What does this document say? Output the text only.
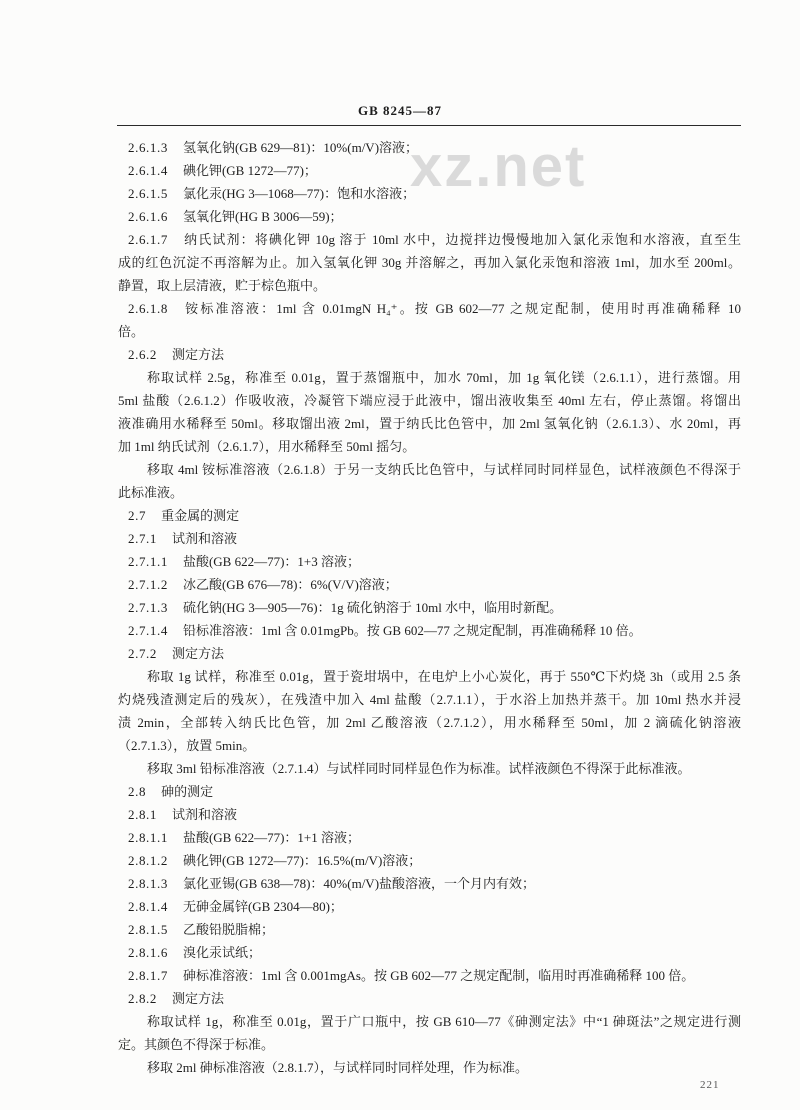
xz.net
GB 8245—87
2.6.1.3 氢氧化钠(GB 629—81)：10%(m/V)溶液；
2.6.1.4 碘化钾(GB 1272—77)；
2.6.1.5 氯化汞(HG 3—1068—77)：饱和水溶液；
2.6.1.6 氢氧化钾(HG B 3006—59)；
2.6.1.7 纳氏试剂：将碘化钾 10g 溶于 10ml 水中，边搅拌边慢慢地加入氯化汞饱和水溶液，直至生
成的红色沉淀不再溶解为止。加入氢氧化钾 30g 并溶解之，再加入氯化汞饱和溶液 1ml，加水至 200ml。
静置，取上层清液，贮于棕色瓶中。
2.6.1.8 铵标准溶液：1ml 含 0.01mgN H₄⁺。按 GB 602—77 之规定配制，使用时再准确稀释 10
倍。
2.6.2 测定方法
称取试样 2.5g，称准至 0.01g，置于蒸馏瓶中，加水 70ml，加 1g 氧化镁（2.6.1.1），进行蒸馏。用
5ml 盐酸（2.6.1.2）作吸收液，冷凝管下端应浸于此液中，馏出液收集至 40ml 左右，停止蒸馏。将馏出
液准确用水稀释至 50ml。移取馏出液 2ml，置于纳氏比色管中，加 2ml 氢氧化钠（2.6.1.3）、水 20ml，再
加 1ml 纳氏试剂（2.6.1.7），用水稀释至 50ml 摇匀。
移取 4ml 铵标准溶液（2.6.1.8）于另一支纳氏比色管中，与试样同时同样显色，试样液颜色不得深于
此标准液。
2.7 重金属的测定
2.7.1 试剂和溶液
2.7.1.1 盐酸(GB 622—77)：1+3 溶液；
2.7.1.2 冰乙酸(GB 676—78)：6%(V/V)溶液；
2.7.1.3 硫化钠(HG 3—905—76)：1g 硫化钠溶于 10ml 水中，临用时新配。
2.7.1.4 铅标准溶液：1ml 含 0.01mgPb。按 GB 602—77 之规定配制，再准确稀释 10 倍。
2.7.2 测定方法
称取 1g 试样，称准至 0.01g，置于瓷坩埚中，在电炉上小心炭化，再于 550℃下灼烧 3h（或用 2.5 条
灼烧残渣测定后的残灰），在残渣中加入 4ml 盐酸（2.7.1.1），于水浴上加热并蒸干。加 10ml 热水并浸
渍 2min，全部转入纳氏比色管，加 2ml 乙酸溶液（2.7.1.2），用水稀释至 50ml，加 2 滴硫化钠溶液
（2.7.1.3），放置 5min。
移取 3ml 铅标准溶液（2.7.1.4）与试样同时同样显色作为标准。试样液颜色不得深于此标准液。
2.8 砷的测定
2.8.1 试剂和溶液
2.8.1.1 盐酸(GB 622—77)：1+1 溶液；
2.8.1.2 碘化钾(GB 1272—77)：16.5%(m/V)溶液；
2.8.1.3 氯化亚锡(GB 638—78)：40%(m/V)盐酸溶液，一个月内有效；
2.8.1.4 无砷金属锌(GB 2304—80)；
2.8.1.5 乙酸铅脱脂棉；
2.8.1.6 溴化汞试纸；
2.8.1.7 砷标准溶液：1ml 含 0.001mgAs。按 GB 602—77 之规定配制，临用时再准确稀释 100 倍。
2.8.2 测定方法
称取试样 1g，称准至 0.01g，置于广口瓶中，按 GB 610—77《砷测定法》中“1 砷斑法”之规定进行测
定。其颜色不得深于标准。
移取 2ml 砷标准溶液（2.8.1.7），与试样同时同样处理，作为标准。
221
